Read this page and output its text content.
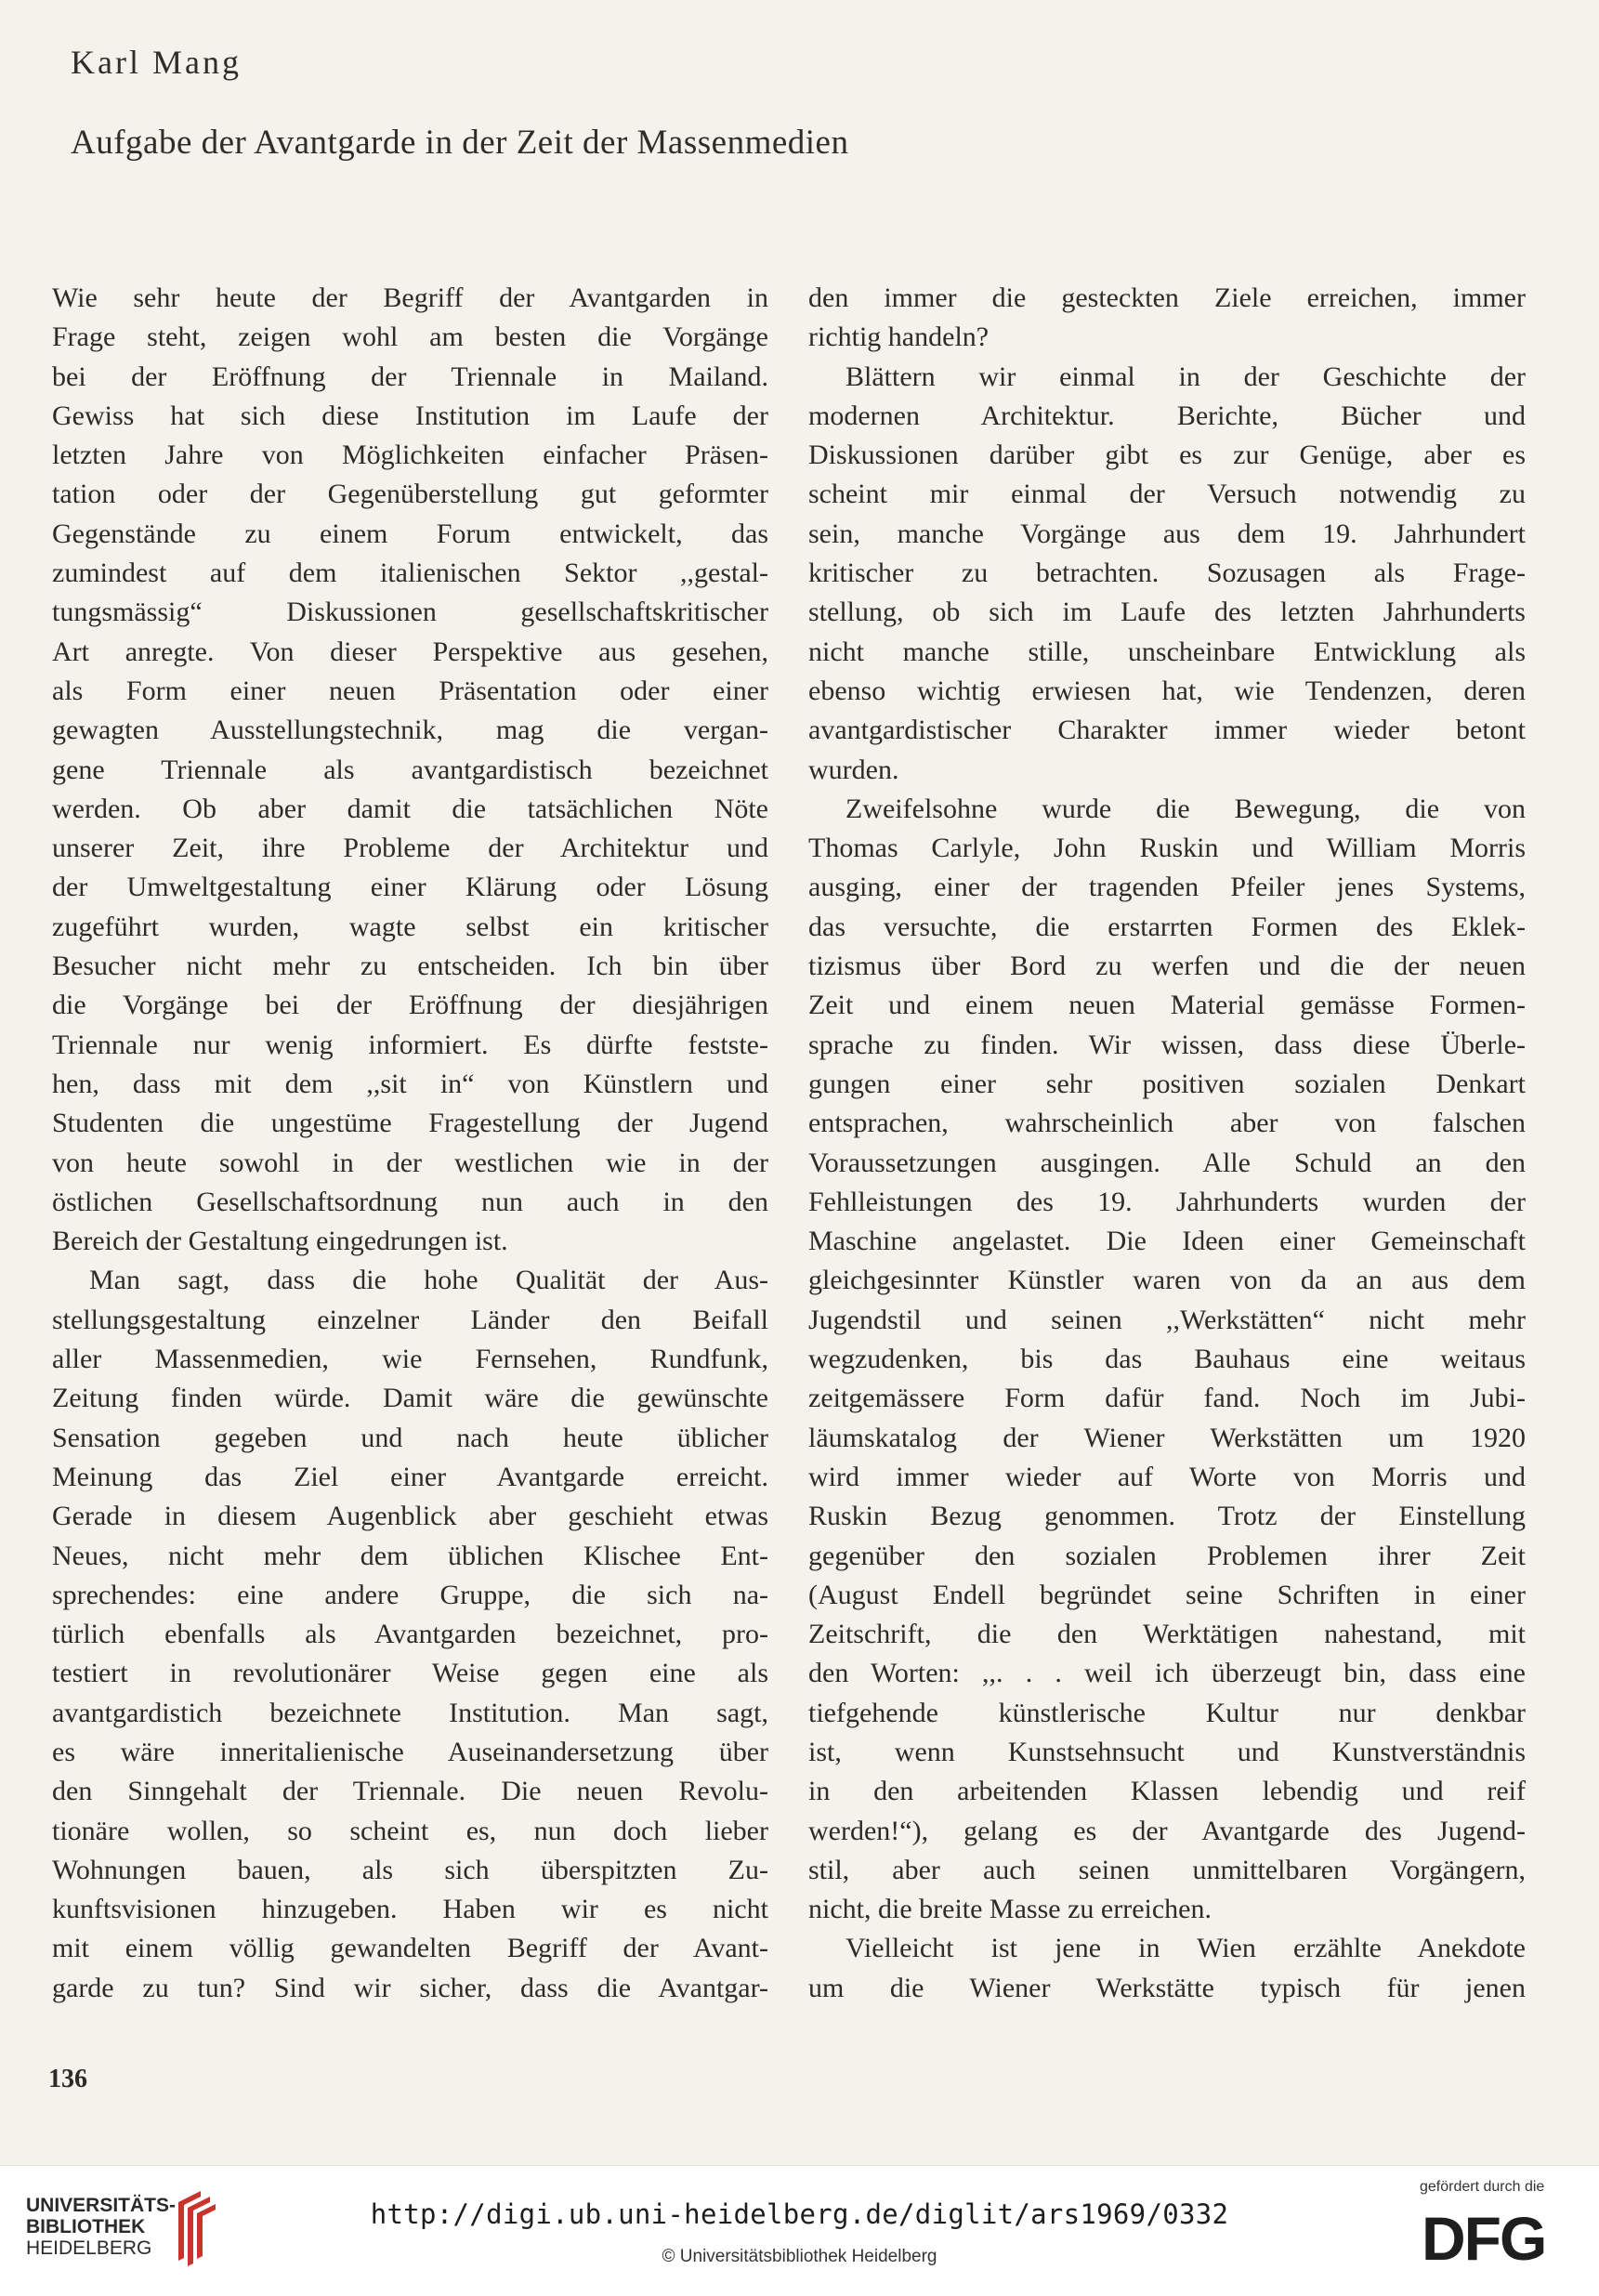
Karl Mang
Aufgabe der Avantgarde in der Zeit der Massenmedien

Wie sehr heute der Begriff der Avantgarden in
Frage steht, zeigen wohl am besten die Vorgänge
bei der Eröffnung der Triennale in Mailand.
Gewiss hat sich diese Institution im Laufe der
letzten Jahre von Möglichkeiten einfacher Präsen-
tation oder der Gegenüberstellung gut geformter
Gegenstände zu einem Forum entwickelt, das
zumindest auf dem italienischen Sektor ,,gestal-
tungsmässig“ Diskussionen gesellschaftskritischer
Art anregte. Von dieser Perspektive aus gesehen,
als Form einer neuen Präsentation oder einer
gewagten Ausstellungstechnik, mag die vergan-
gene Triennale als avantgardistisch bezeichnet
werden. Ob aber damit die tatsächlichen Nöte
unserer Zeit, ihre Probleme der Architektur und
der Umweltgestaltung einer Klärung oder Lösung
zugeführt wurden, wagte selbst ein kritischer
Besucher nicht mehr zu entscheiden. Ich bin über
die Vorgänge bei der Eröffnung der diesjährigen
Triennale nur wenig informiert. Es dürfte festste-
hen, dass mit dem ,,sit in“ von Künstlern und
Studenten die ungestüme Fragestellung der Jugend
von heute sowohl in der westlichen wie in der
östlichen Gesellschaftsordnung nun auch in den
Bereich der Gestaltung eingedrungen ist.

Man sagt, dass die hohe Qualität der Aus-
stellungsgestaltung einzelner Länder den Beifall
aller Massenmedien, wie Fernsehen, Rundfunk,
Zeitung finden würde. Damit wäre die gewünschte
Sensation gegeben und nach heute üblicher
Meinung das Ziel einer Avantgarde erreicht.
Gerade in diesem Augenblick aber geschieht etwas
Neues, nicht mehr dem üblichen Klischee Ent-
sprechendes: eine andere Gruppe, die sich na-
türlich ebenfalls als Avantgarden bezeichnet, pro-
testiert in revolutionärer Weise gegen eine als
avantgardistich bezeichnete Institution. Man sagt,
es wäre inneritalienische Auseinandersetzung über
den Sinngehalt der Triennale. Die neuen Revolu-
tionäre wollen, so scheint es, nun doch lieber
Wohnungen bauen, als sich überspitzten Zu-
kunftsvisionen hinzugeben. Haben wir es nicht
mit einem völlig gewandelten Begriff der Avant-
garde zu tun? Sind wir sicher, dass die Avantgar-

den immer die gesteckten Ziele erreichen, immer
richtig handeln?

Blättern wir einmal in der Geschichte der
modernen Architektur. Berichte, Bücher und
Diskussionen darüber gibt es zur Genüge, aber es
scheint mir einmal der Versuch notwendig zu
sein, manche Vorgänge aus dem 19. Jahrhundert
kritischer zu betrachten. Sozusagen als Frage-
stellung, ob sich im Laufe des letzten Jahrhunderts
nicht manche stille, unscheinbare Entwicklung als
ebenso wichtig erwiesen hat, wie Tendenzen, deren
avantgardistischer Charakter immer wieder betont
wurden.

Zweifelsohne wurde die Bewegung, die von
Thomas Carlyle, John Ruskin und William Morris
ausging, einer der tragenden Pfeiler jenes Systems,
das versuchte, die erstarrten Formen des Eklek-
tizismus über Bord zu werfen und die der neuen
Zeit und einem neuen Material gemässe Formen-
sprache zu finden. Wir wissen, dass diese Überle-
gungen einer sehr positiven sozialen Denkart
entsprachen, wahrscheinlich aber von falschen
Voraussetzungen ausgingen. Alle Schuld an den
Fehlleistungen des 19. Jahrhunderts wurden der
Maschine angelastet. Die Ideen einer Gemeinschaft
gleichgesinnter Künstler waren von da an aus dem
Jugendstil und seinen ,,Werkstätten“ nicht mehr
wegzudenken, bis das Bauhaus eine weitaus
zeitgemässere Form dafür fand. Noch im Jubi-
läumskatalog der Wiener Werkstätten um 1920
wird immer wieder auf Worte von Morris und
Ruskin Bezug genommen. Trotz der Einstellung
gegenüber den sozialen Problemen ihrer Zeit
(August Endell begründet seine Schriften in einer
Zeitschrift, die den Werktätigen nahestand, mit
den Worten: ,,. . . weil ich überzeugt bin, dass eine
tiefgehende künstlerische Kultur nur denkbar
ist, wenn Kunstsehnsucht und Kunstverständnis
in den arbeitenden Klassen lebendig und reif
werden!“), gelang es der Avantgarde des Jugend-
stil, aber auch seinen unmittelbaren Vorgängern,
nicht, die breite Masse zu erreichen.

Vielleicht ist jene in Wien erzählte Anekdote
um die Wiener Werkstätte typisch für jenen

136
UNIVERSITÄTS-
BIBLIOTHEK
HEIDELBERG
http://digi.ub.uni-heidelberg.de/diglit/ars1969/0332
© Universitätsbibliothek Heidelberg
gefördert durch die
DFG
